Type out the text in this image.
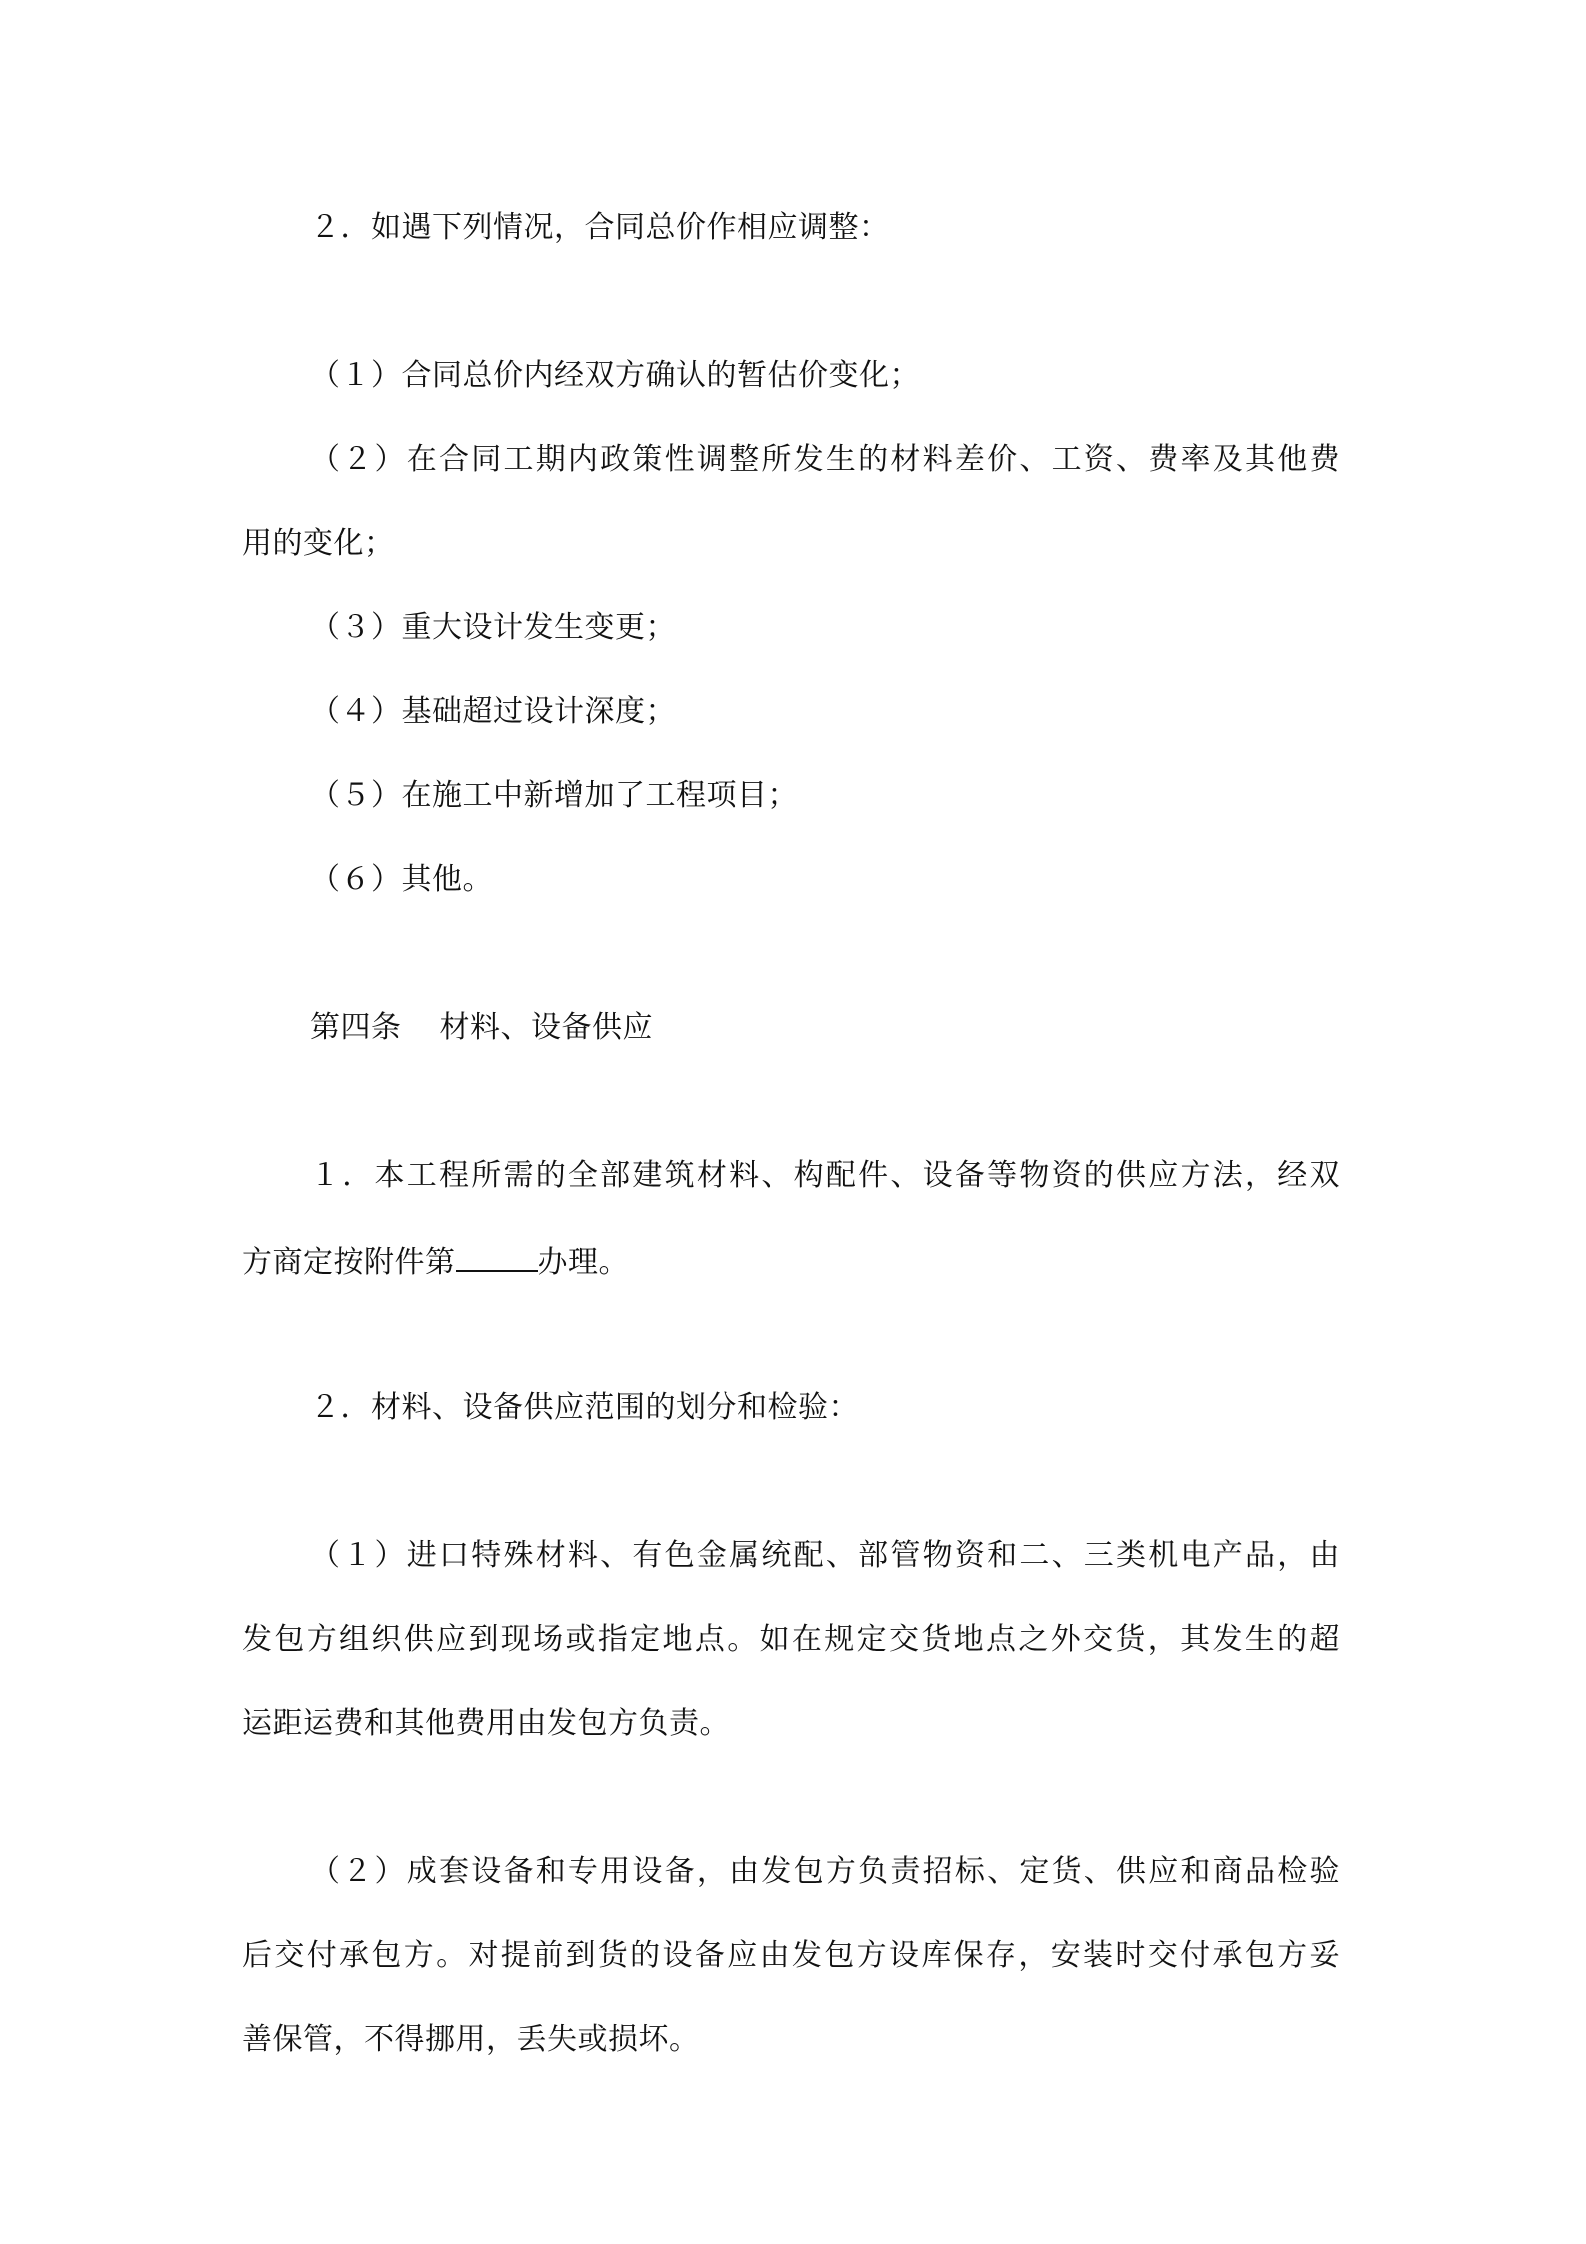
２．如遇下列情况，合同总价作相应调整：
（１）合同总价内经双方确认的暂估价变化；
（２）在合同工期内政策性调整所发生的材料差价、工资、费率及其他费
用的变化；
（３）重大设计发生变更；
（４）基础超过设计深度；
（５）在施工中新增加了工程项目；
（６）其他。
第四条 材料、设备供应
１．本工程所需的全部建筑材料、构配件、设备等物资的供应方法，经双
方商定按附件第	办理。
２．材料、设备供应范围的划分和检验：
（１）进口特殊材料、有色金属统配、部管物资和二、三类机电产品，由
发包方组织供应到现场或指定地点。如在规定交货地点之外交货，其发生的超
运距运费和其他费用由发包方负责。
（２）成套设备和专用设备，由发包方负责招标、定货、供应和商品检验
后交付承包方。对提前到货的设备应由发包方设库保存，安装时交付承包方妥
善保管，不得挪用，丢失或损坏。
